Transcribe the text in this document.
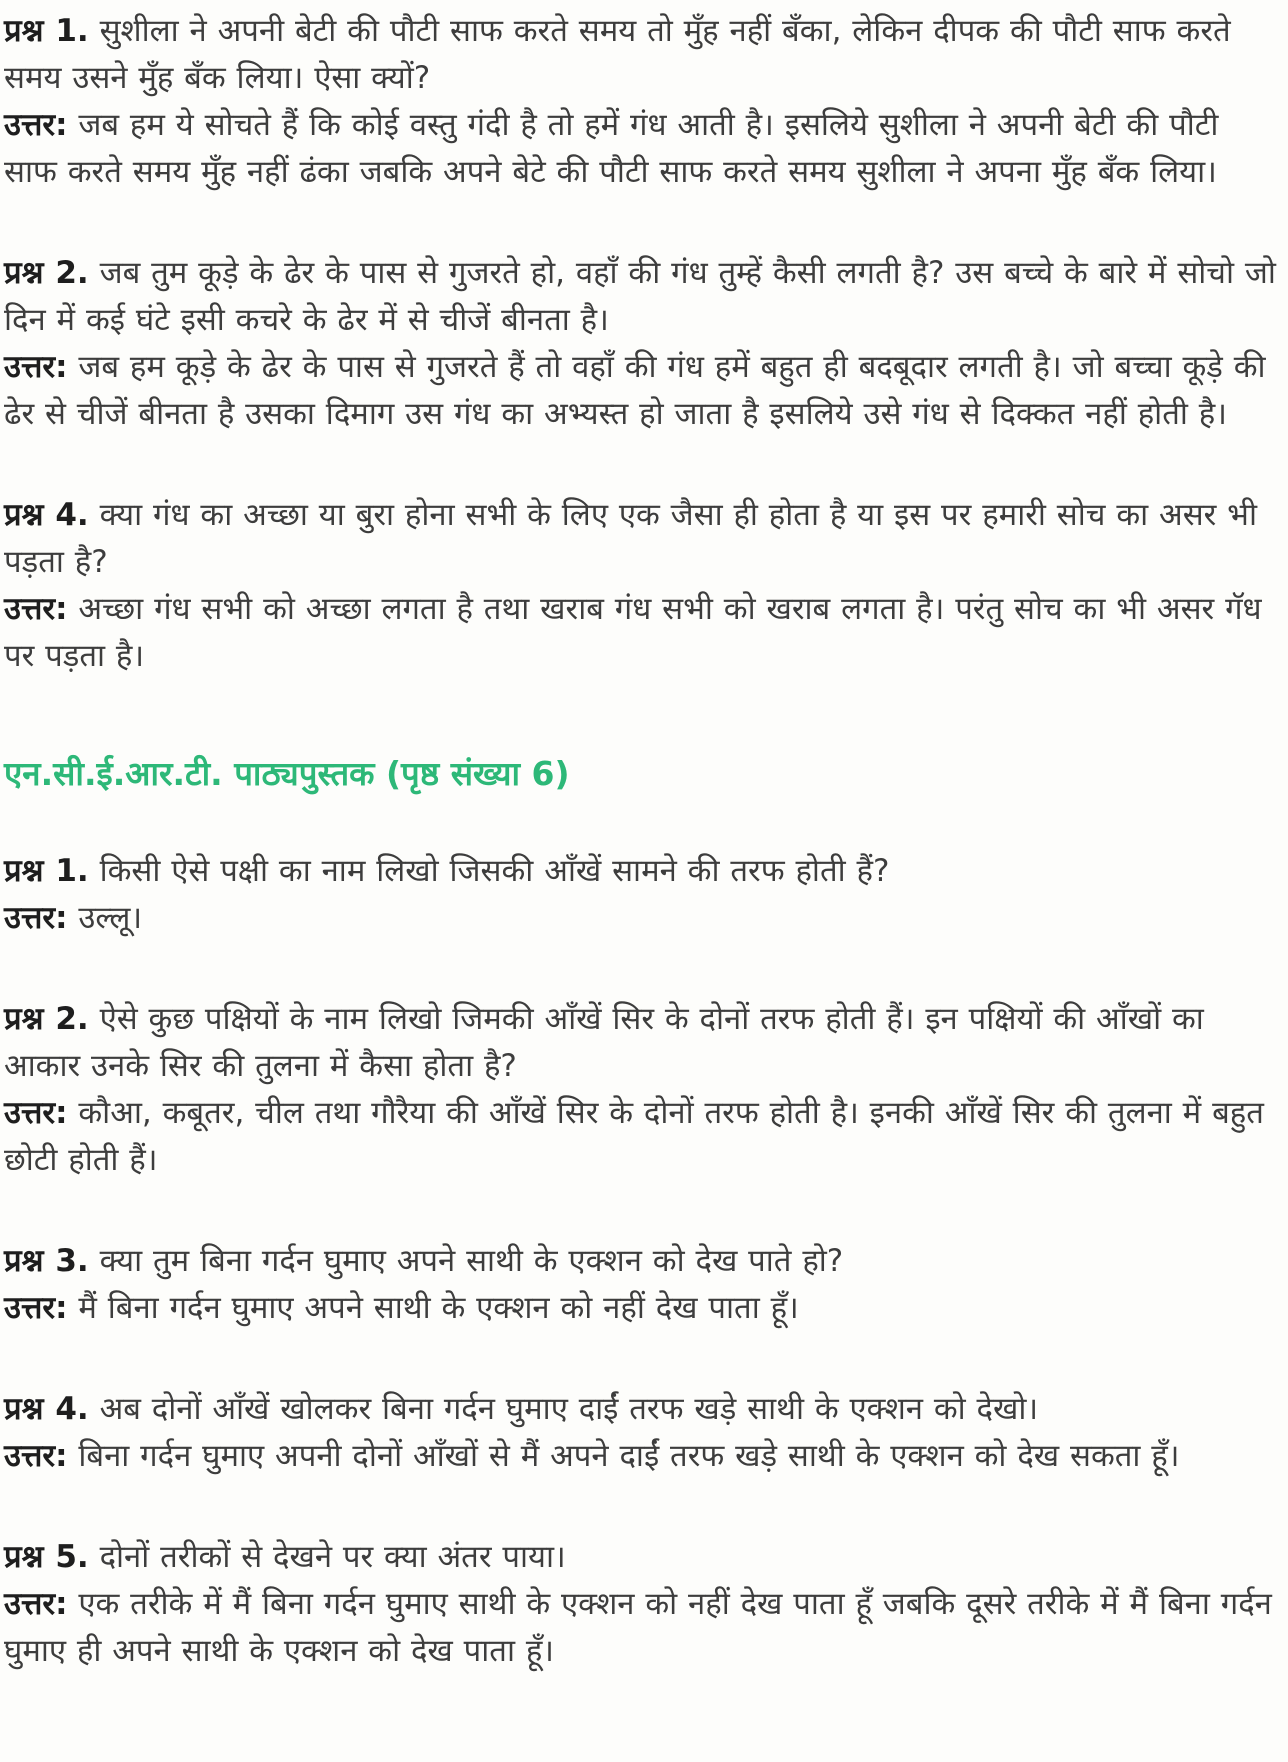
प्रश्न 1. सुशीला ने अपनी बेटी की पौटी साफ करते समय तो मुँह नहीं बँका, लेकिन दीपक की पौटी साफ करते समय उसने मुँह बँक लिया। ऐसा क्यों?

उत्तर: जब हम ये सोचते हैं कि कोई वस्तु गंदी है तो हमें गंध आती है। इसलिये सुशीला ने अपनी बेटी की पौटी साफ करते समय मुँह नहीं ढंका जबकि अपने बेटे की पौटी साफ करते समय सुशीला ने अपना मुँह बँक लिया।

प्रश्न 2. जब तुम कूड़े के ढेर के पास से गुजरते हो, वहाँ की गंध तुम्हें कैसी लगती है? उस बच्चे के बारे में सोचो जो दिन में कई घंटे इसी कचरे के ढेर में से चीजें बीनता है।

उत्तर: जब हम कूड़े के ढेर के पास से गुजरते हैं तो वहाँ की गंध हमें बहुत ही बदबूदार लगती है। जो बच्चा कूड़े की ढेर से चीजें बीनता है उसका दिमाग उस गंध का अभ्यस्त हो जाता है इसलिये उसे गंध से दिक्कत नहीं होती है।

प्रश्न 4. क्या गंध का अच्छा या बुरा होना सभी के लिए एक जैसा ही होता है या इस पर हमारी सोच का असर भी पड़ता है?

उत्तर: अच्छा गंध सभी को अच्छा लगता है तथा खराब गंध सभी को खराब लगता है। परंतु सोच का भी असर गॅध पर पड़ता है।

एन.सी.ई.आर.टी. पाठ्यपुस्तक (पृष्ठ संख्या 6)

प्रश्न 1. किसी ऐसे पक्षी का नाम लिखो जिसकी आँखें सामने की तरफ होती हैं?

उत्तर: उल्लू।

प्रश्न 2. ऐसे कुछ पक्षियों के नाम लिखो जिमकी आँखें सिर के दोनों तरफ होती हैं। इन पक्षियों की आँखों का आकार उनके सिर की तुलना में कैसा होता है?

उत्तर: कौआ, कबूतर, चील तथा गौरैया की आँखें सिर के दोनों तरफ होती है। इनकी आँखें सिर की तुलना में बहुत छोटी होती हैं।

प्रश्न 3. क्या तुम बिना गर्दन घुमाए अपने साथी के एक्शन को देख पाते हो?

उत्तर: मैं बिना गर्दन घुमाए अपने साथी के एक्शन को नहीं देख पाता हूँ।

प्रश्न 4. अब दोनों आँखें खोलकर बिना गर्दन घुमाए दाईं तरफ खड़े साथी के एक्शन को देखो।

उत्तर: बिना गर्दन घुमाए अपनी दोनों आँखों से मैं अपने दाईं तरफ खड़े साथी के एक्शन को देख सकता हूँ।

प्रश्न 5. दोनों तरीकों से देखने पर क्या अंतर पाया।

उत्तर: एक तरीके में मैं बिना गर्दन घुमाए साथी के एक्शन को नहीं देख पाता हूँ जबकि दूसरे तरीके में मैं बिना गर्दन घुमाए ही अपने साथी के एक्शन को देख पाता हूँ।
